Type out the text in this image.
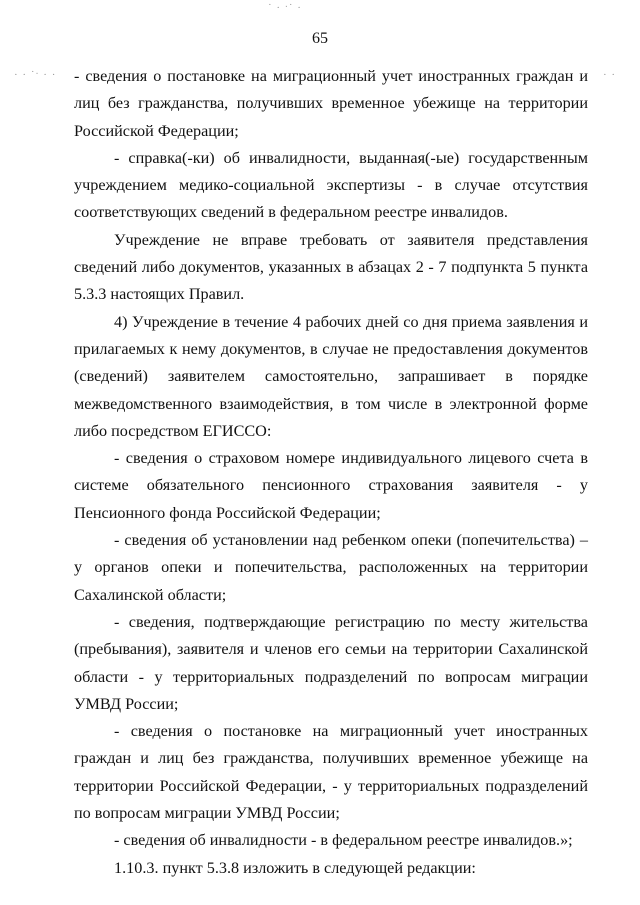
65
· · ˙ˑ · ·
˙ · ˑ˙ ·
· ·

- сведения о постановке на миграционный учет иностранных граждан и лиц без гражданства, получивших временное убежище на территории Российской Федерации;

- справка(-ки) об инвалидности, выданная(-ые) государственным учреждением медико-социальной экспертизы - в случае отсутствия соответствующих сведений в федеральном реестре инвалидов.

Учреждение не вправе требовать от заявителя представления сведений либо документов, указанных в абзацах 2 - 7 подпункта 5 пункта 5.3.3 настоящих Правил.

4) Учреждение в течение 4 рабочих дней со дня приема заявления и прилагаемых к нему документов, в случае не предоставления документов (сведений) заявителем самостоятельно, запрашивает в порядке межведомственного взаимодействия, в том числе в электронной форме либо посредством ЕГИССО:

- сведения о страховом номере индивидуального лицевого счета в системе обязательного пенсионного страхования заявителя - у Пенсионного фонда Российской Федерации;

- сведения об установлении над ребенком опеки (попечительства) – у органов опеки и попечительства, расположенных на территории Сахалинской области;

- сведения, подтверждающие регистрацию по месту жительства (пребывания), заявителя и членов его семьи на территории Сахалинской области - у территориальных подразделений по вопросам миграции УМВД России;

- сведения о постановке на миграционный учет иностранных граждан и лиц без гражданства, получивших временное убежище на территории Российской Федерации, - у территориальных подразделений по вопросам миграции УМВД России;

- сведения об инвалидности - в федеральном реестре инвалидов.»;

1.10.3. пункт 5.3.8 изложить в следующей редакции:
